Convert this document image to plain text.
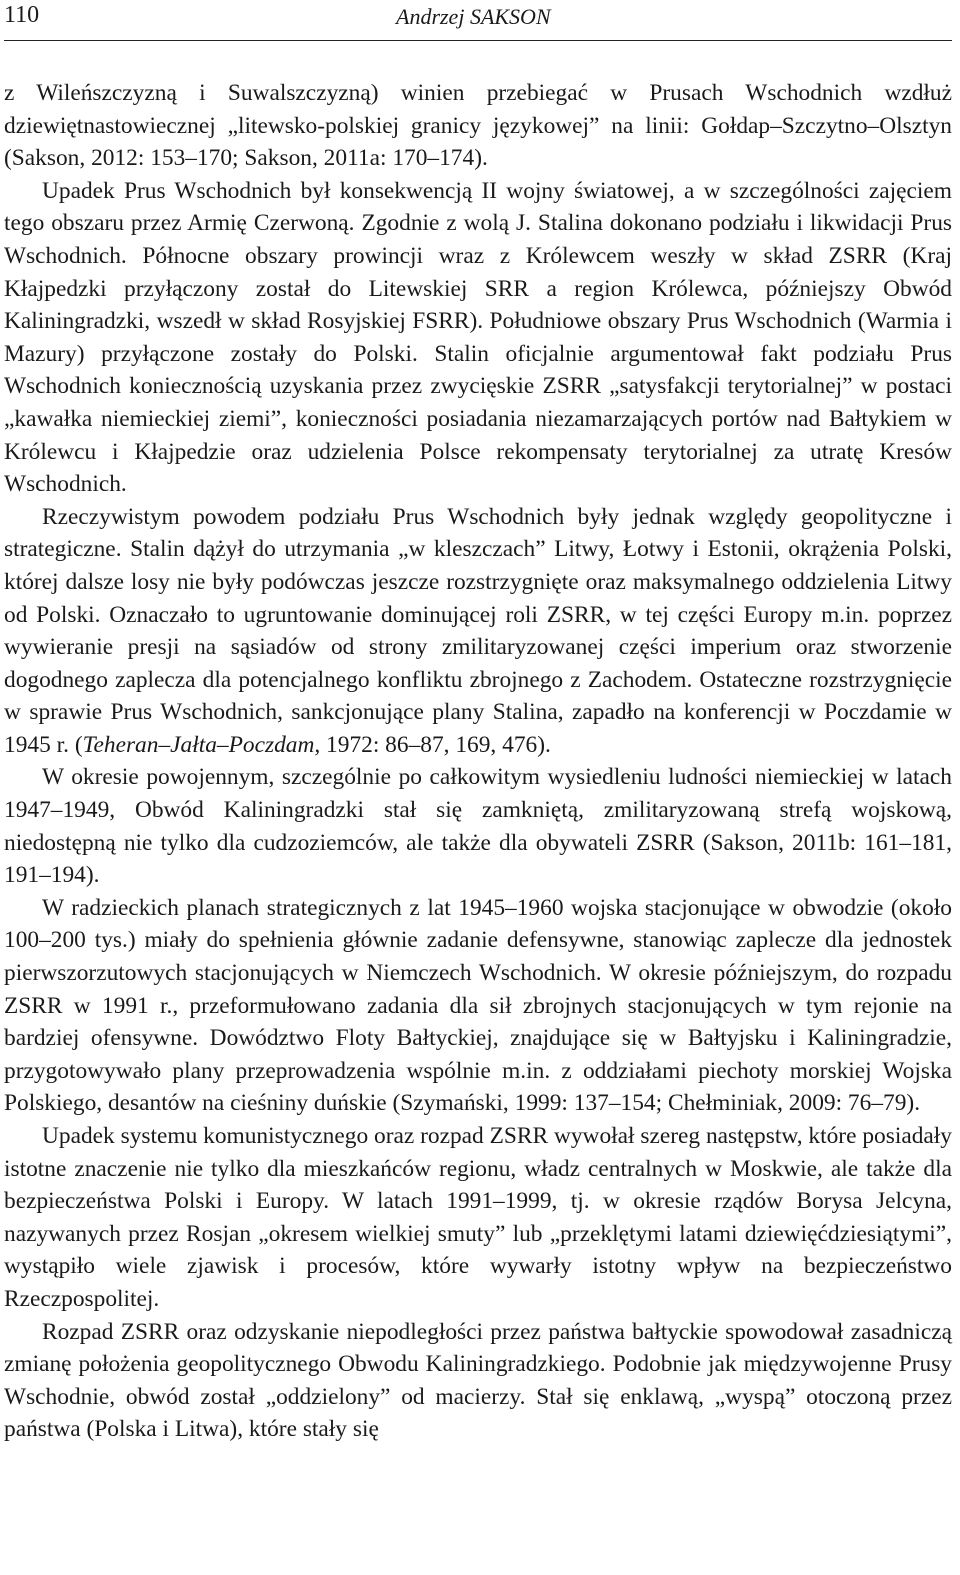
110	Andrzej SAKSON

z Wileńszczyzną i Suwalszczyzną) winien przebiegać w Prusach Wschodnich wzdłuż dziewiętnastowiecznej „litewsko-polskiej granicy językowej” na linii: Gołdap–Szczytno–Olsztyn (Sakson, 2012: 153–170; Sakson, 2011a: 170–174).

Upadek Prus Wschodnich był konsekwencją II wojny światowej, a w szczególności zajęciem tego obszaru przez Armię Czerwoną. Zgodnie z wolą J. Stalina dokonano podziału i likwidacji Prus Wschodnich. Północne obszary prowincji wraz z Królewcem weszły w skład ZSRR (Kraj Kłajpedzki przyłączony został do Litewskiej SRR a region Królewca, późniejszy Obwód Kaliningradzki, wszedł w skład Rosyjskiej FSRR). Południowe obszary Prus Wschodnich (Warmia i Mazury) przyłączone zostały do Polski. Stalin oficjalnie argumentował fakt podziału Prus Wschodnich koniecznością uzyskania przez zwycięskie ZSRR „satysfakcji terytorialnej” w postaci „kawałka niemieckiej ziemi”, konieczności posiadania niezamarzających portów nad Bałtykiem w Królewcu i Kłajpedzie oraz udzielenia Polsce rekompensaty terytorialnej za utratę Kresów Wschodnich.

Rzeczywistym powodem podziału Prus Wschodnich były jednak względy geopolityczne i strategiczne. Stalin dążył do utrzymania „w kleszczach” Litwy, Łotwy i Estonii, okrążenia Polski, której dalsze losy nie były podówczas jeszcze rozstrzygnięte oraz maksymalnego oddzielenia Litwy od Polski. Oznaczało to ugruntowanie dominującej roli ZSRR, w tej części Europy m.in. poprzez wywieranie presji na sąsiadów od strony zmilitaryzowanej części imperium oraz stworzenie dogodnego zaplecza dla potencjalnego konfliktu zbrojnego z Zachodem. Ostateczne rozstrzygnięcie w sprawie Prus Wschodnich, sankcjonujące plany Stalina, zapadło na konferencji w Poczdamie w 1945 r. (Teheran–Jałta–Poczdam, 1972: 86–87, 169, 476).

W okresie powojennym, szczególnie po całkowitym wysiedleniu ludności niemieckiej w latach 1947–1949, Obwód Kaliningradzki stał się zamkniętą, zmilitaryzowaną strefą wojskową, niedostępną nie tylko dla cudzoziemców, ale także dla obywateli ZSRR (Sakson, 2011b: 161–181, 191–194).

W radzieckich planach strategicznych z lat 1945–1960 wojska stacjonujące w obwodzie (około 100–200 tys.) miały do spełnienia głównie zadanie defensywne, stanowiąc zaplecze dla jednostek pierwszorzutowych stacjonujących w Niemczech Wschodnich. W okresie późniejszym, do rozpadu ZSRR w 1991 r., przeformułowano zadania dla sił zbrojnych stacjonujących w tym rejonie na bardziej ofensywne. Dowództwo Floty Bałtyckiej, znajdujące się w Bałtyjsku i Kaliningradzie, przygotowywało plany przeprowadzenia wspólnie m.in. z oddziałami piechoty morskiej Wojska Polskiego, desantów na cieśniny duńskie (Szymański, 1999: 137–154; Chełminiak, 2009: 76–79).

Upadek systemu komunistycznego oraz rozpad ZSRR wywołał szereg następstw, które posiadały istotne znaczenie nie tylko dla mieszkańców regionu, władz centralnych w Moskwie, ale także dla bezpieczeństwa Polski i Europy. W latach 1991–1999, tj. w okresie rządów Borysa Jelcyna, nazywanych przez Rosjan „okresem wielkiej smuty” lub „przeklętymi latami dziewięćdziesiątymi”, wystąpiło wiele zjawisk i procesów, które wywarły istotny wpływ na bezpieczeństwo Rzeczpospolitej.

Rozpad ZSRR oraz odzyskanie niepodległości przez państwa bałtyckie spowodował zasadniczą zmianę położenia geopolitycznego Obwodu Kaliningradzkiego. Podobnie jak międzywojenne Prusy Wschodnie, obwód został „oddzielony” od macierzy. Stał się enklawą, „wyspą” otoczoną przez państwa (Polska i Litwa), które stały się
